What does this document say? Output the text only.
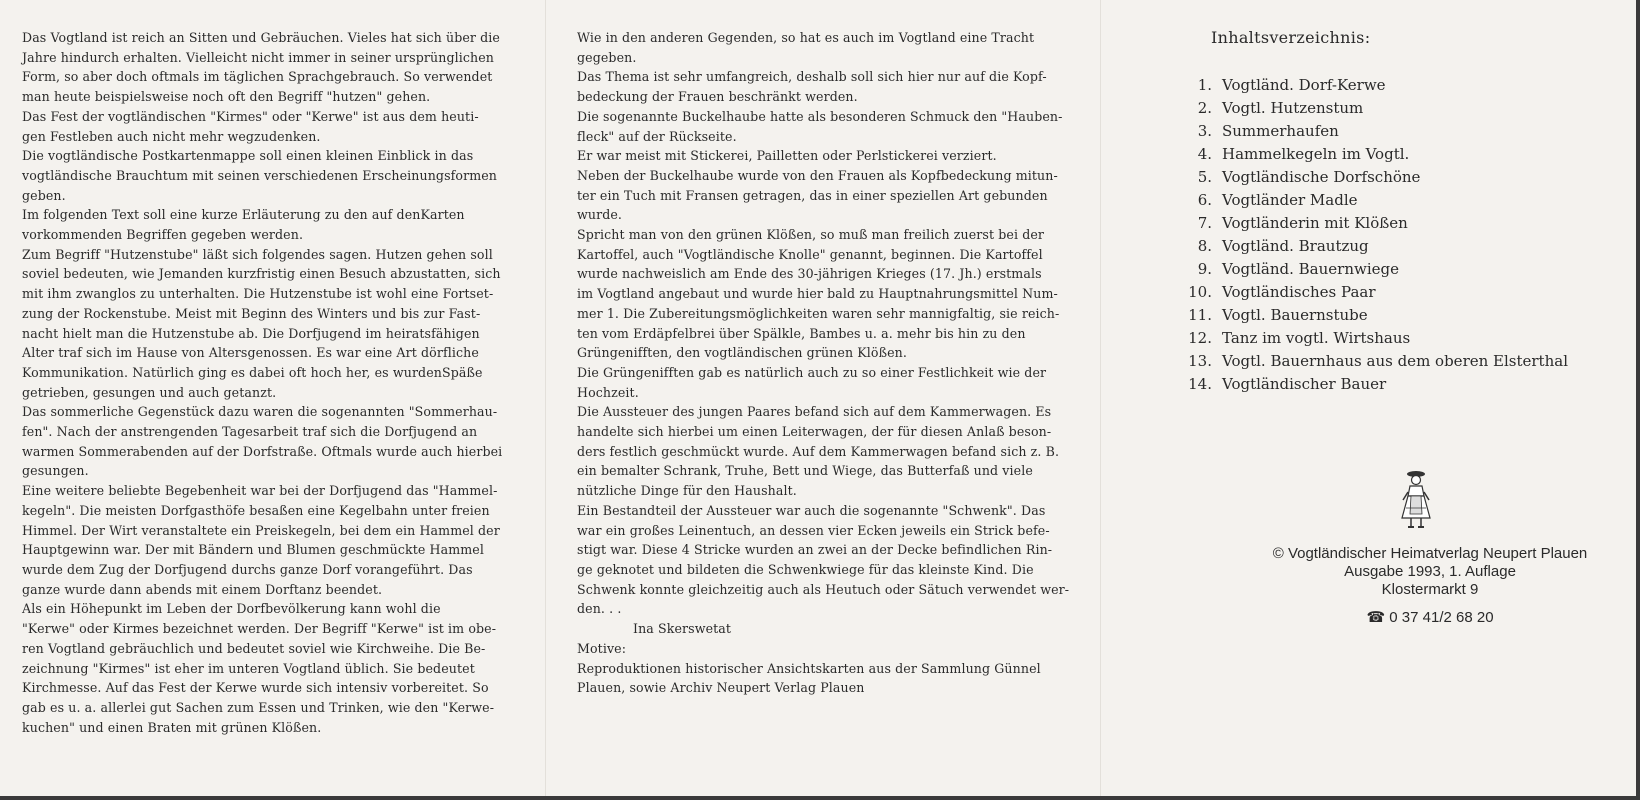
Das Vogtland ist reich an Sitten und Gebräuchen. Vieles hat sich über die

Jahre hindurch erhalten. Vielleicht nicht immer in seiner ursprünglichen

Form, so aber doch oftmals im täglichen Sprachgebrauch. So verwendet

man heute beispielsweise noch oft den Begriff "hutzen" gehen.

Das Fest der vogtländischen "Kirmes" oder "Kerwe" ist aus dem heuti-

gen Festleben auch nicht mehr wegzudenken.

Die vogtländische Postkartenmappe soll einen kleinen Einblick in das

vogtländische Brauchtum mit seinen verschiedenen Erscheinungsformen

geben.

Im folgenden Text soll eine kurze Erläuterung zu den auf denKarten

vorkommenden Begriffen gegeben werden.

Zum Begriff "Hutzenstube" läßt sich folgendes sagen. Hutzen gehen soll

soviel bedeuten, wie Jemanden kurzfristig einen Besuch abzustatten, sich

mit ihm zwanglos zu unterhalten. Die Hutzenstube ist wohl eine Fortset-

zung der Rockenstube. Meist mit Beginn des Winters und bis zur Fast-

nacht hielt man die Hutzenstube ab. Die Dorfjugend im heiratsfähigen

Alter traf sich im Hause von Altersgenossen. Es war eine Art dörfliche

Kommunikation. Natürlich ging es dabei oft hoch her, es wurdenSpäße

getrieben, gesungen und auch getanzt.

Das sommerliche Gegenstück dazu waren die sogenannten "Sommerhau-

fen". Nach der anstrengenden Tagesarbeit traf sich die Dorfjugend an

warmen Sommerabenden auf der Dorfstraße. Oftmals wurde auch hierbei

gesungen.

Eine weitere beliebte Begebenheit war bei der Dorfjugend das "Hammel-

kegeln". Die meisten Dorfgasthöfe besaßen eine Kegelbahn unter freien

Himmel. Der Wirt veranstaltete ein Preiskegeln, bei dem ein Hammel der

Hauptgewinn war. Der mit Bändern und Blumen geschmückte Hammel

wurde dem Zug der Dorfjugend durchs ganze Dorf vorangeführt. Das

ganze wurde dann abends mit einem Dorftanz beendet.

Als ein Höhepunkt im Leben der Dorfbevölkerung kann wohl die

"Kerwe" oder Kirmes bezeichnet werden. Der Begriff "Kerwe" ist im obe-

ren Vogtland gebräuchlich und bedeutet soviel wie Kirchweihe. Die Be-

zeichnung "Kirmes" ist eher im unteren Vogtland üblich. Sie bedeutet

Kirchmesse. Auf das Fest der Kerwe wurde sich intensiv vorbereitet. So

gab es u. a. allerlei gut Sachen zum Essen und Trinken, wie den "Kerwe-

kuchen" und einen Braten mit grünen Klößen.

Wie in den anderen Gegenden, so hat es auch im Vogtland eine Tracht

gegeben.

Das Thema ist sehr umfangreich, deshalb soll sich hier nur auf die Kopf-

bedeckung der Frauen beschränkt werden.

Die sogenannte Buckelhaube hatte als besonderen Schmuck den "Hauben-

fleck" auf der Rückseite.

Er war meist mit Stickerei, Pailletten oder Perlstickerei verziert.

Neben der Buckelhaube wurde von den Frauen als Kopfbedeckung mitun-

ter ein Tuch mit Fransen getragen, das in einer speziellen Art gebunden

wurde.

Spricht man von den grünen Klößen, so muß man freilich zuerst bei der

Kartoffel, auch "Vogtländische Knolle" genannt, beginnen. Die Kartoffel

wurde nachweislich am Ende des 30-jährigen Krieges (17. Jh.) erstmals

im Vogtland angebaut und wurde hier bald zu Hauptnahrungsmittel Num-

mer 1. Die Zubereitungsmöglichkeiten waren sehr mannigfaltig, sie reich-

ten vom Erdäpfelbrei über Spälkle, Bambes u. a. mehr bis hin zu den

Grüngenifften, den vogtländischen grünen Klößen.

Die Grüngenifften gab es natürlich auch zu so einer Festlichkeit wie der

Hochzeit.

Die Aussteuer des jungen Paares befand sich auf dem Kammerwagen. Es

handelte sich hierbei um einen Leiterwagen, der für diesen Anlaß beson-

ders festlich geschmückt wurde. Auf dem Kammerwagen befand sich z. B.

ein bemalter Schrank, Truhe, Bett und Wiege, das Butterfaß und viele

nützliche Dinge für den Haushalt.

Ein Bestandteil der Aussteuer war auch die sogenannte "Schwenk". Das

war ein großes Leinentuch, an dessen vier Ecken jeweils ein Strick befe-

stigt war. Diese 4 Stricke wurden an zwei an der Decke befindlichen Rin-

ge geknotet und bildeten die Schwenkwiege für das kleinste Kind. Die

Schwenk konnte gleichzeitig auch als Heutuch oder Sätuch verwendet wer-

den. . .

Ina Skerswetat

Motive:

Reproduktionen historischer Ansichtskarten aus der Sammlung Günnel

Plauen, sowie Archiv Neupert Verlag Plauen

Inhaltsverzeichnis:
1. Vogtländ. Dorf-Kerwe
2. Vogtl. Hutzenstum
3. Summerhaufen
4. Hammelkegeln im Vogtl.
5. Vogtländische Dorfschöne
6. Vogtländer Madle
7. Vogtländerin mit Klößen
8. Vogtländ. Brautzug
9. Vogtländ. Bauernwiege
10. Vogtländisches Paar
11. Vogtl. Bauernstube
12. Tanz im vogtl. Wirtshaus
13. Vogtl. Bauernhaus aus dem oberen Elsterthal
14. Vogtländischer Bauer
© Vogtländischer Heimatverlag Neupert Plauen
Ausgabe 1993, 1. Auflage
Klostermarkt 9
☎ 0 37 41/2 68 20
